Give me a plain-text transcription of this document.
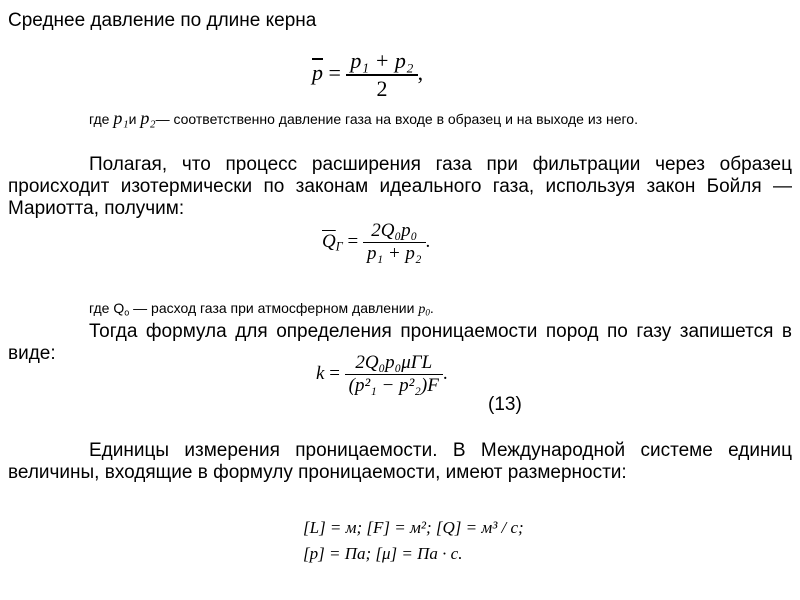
Среднее давление по длине керна
$\overline{p} = \frac{\text{p₁ + p₂}}{2}$ ,
где p₁и p₂— соответственно давление газа на входе в образец и на выходе из него.
Полагая, что процесс расширения газа при фильтрации через образец происходит изотермически по законам идеального газа, используя закон Бойля — Мариотта, получим:
$\overline{Q}_Г = \frac{\text{2Q₀p₀}}{\text{p₁ + p₂}}$ .
где $Q_о$ — расход газа при атмосферном давлении $p_0$.
Тогда формула для определения проницаемости пород по газу запишется в виде:
$k = \frac{\text{2Q₀p₀μГL}}{\text{(p²₁ − p²₂)F}}$ .
(13)
Единицы измерения проницаемости. В Международной системе единиц величины, входящие в формулу проницаемости, имеют размерности:
[L] = м; [F] = м²; [Q] = м³ / с;
[p] = Па; [μ] = Па · с.
